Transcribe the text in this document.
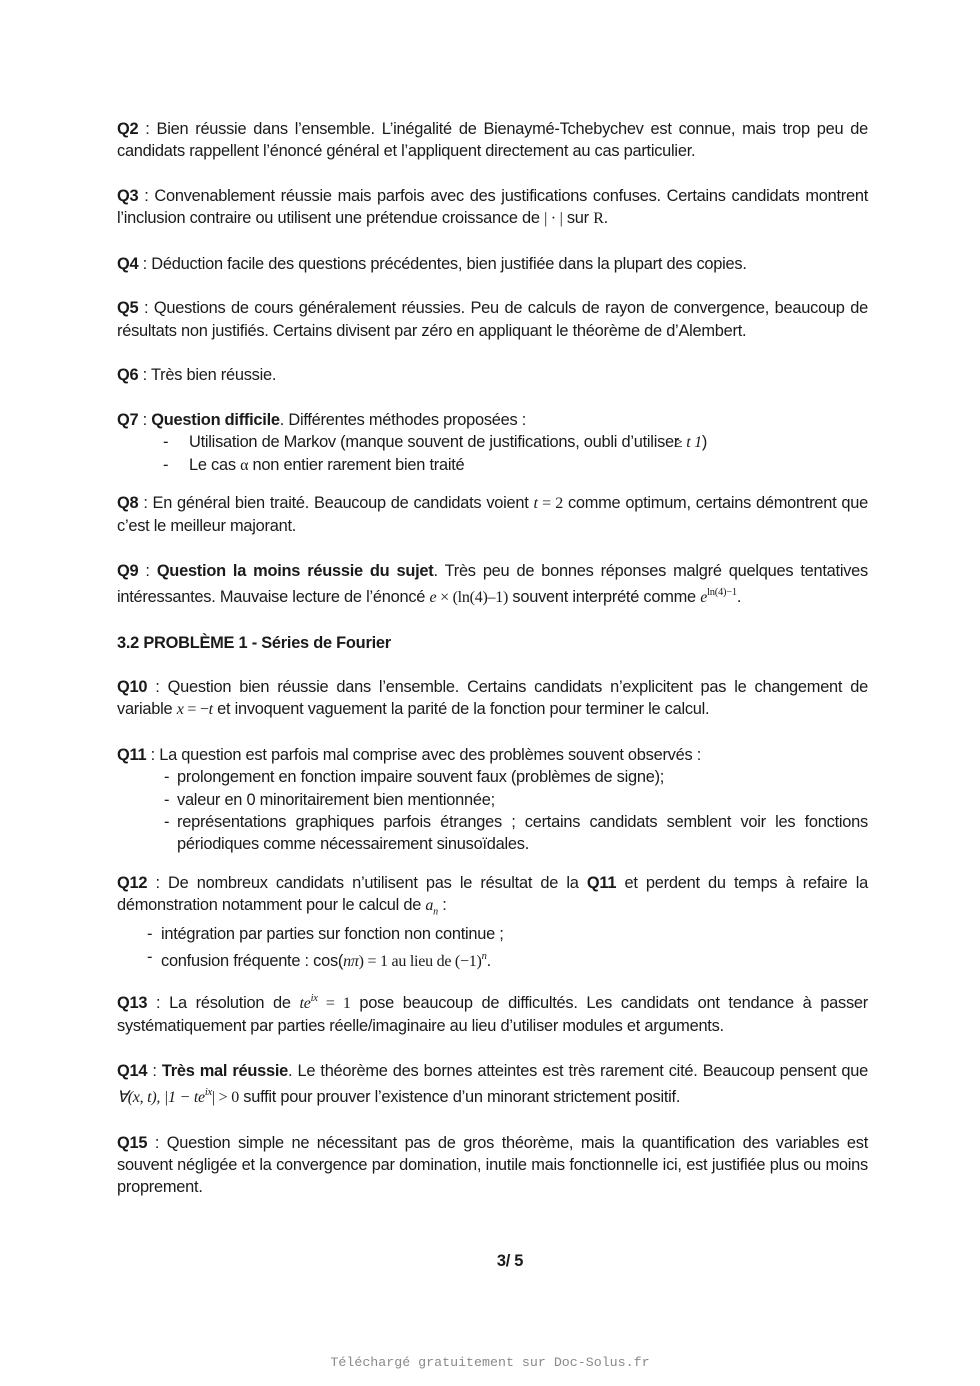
Q2 : Bien réussie dans l’ensemble. L’inégalité de Bienaymé-Tchebychev est connue, mais trop peu de candidats rappellent l’énoncé général et l’appliquent directement au cas particulier.

Q3 : Convenablement réussie mais parfois avec des justifications confuses. Certains candidats montrent l’inclusion contraire ou utilisent une prétendue croissance de | · | sur R.

Q4 : Déduction facile des questions précédentes, bien justifiée dans la plupart des copies.

Q5 : Questions de cours généralement réussies. Peu de calculs de rayon de convergence, beaucoup de résultats non justifiés. Certains divisent par zéro en appliquant le théorème de d’Alembert.

Q6 : Très bien réussie.

Q7 : Question difficile. Différentes méthodes proposées :
- Utilisation de Markov (manque souvent de justifications, oubli d’utilise≥ t 1)
- Le cas α non entier rarement bien traité

Q8 : En général bien traité. Beaucoup de candidats voient t = 2 comme optimum, certains démontrent que c’est le meilleur majorant.

Q9 : Question la moins réussie du sujet. Très peu de bonnes réponses malgré quelques tentatives intéressantes. Mauvaise lecture de l’énoncé e × (ln(4)–1) souvent interprété comme $e^{ln(4)-1}$.

3.2 PROBLÈME 1 - Séries de Fourier

Q10 : Question bien réussie dans l’ensemble. Certains candidats n’explicitent pas le changement de variable x = −t et invoquent vaguement la parité de la fonction pour terminer le calcul.

Q11 : La question est parfois mal comprise avec des problèmes souvent observés :
- prolongement en fonction impaire souvent faux (problèmes de signe);
- valeur en 0 minoritairement bien mentionnée;
- représentations graphiques parfois étranges ; certains candidats semblent voir les fonctions périodiques comme nécessairement sinusoïdales.
Q12 : De nombreux candidats n’utilisent pas le résultat de la Q11 et perdent du temps à refaire la démonstration notamment pour le calcul de $a_n$ :
- intégration par parties sur fonction non continue ;
- confusion fréquente : cos(nπ) = 1 au lieu de $(-1)^n$.

Q13 : La résolution de $te^{ix} = 1$ pose beaucoup de difficultés. Les candidats ont tendance à passer systématiquement par parties réelle/imaginaire au lieu d’utiliser modules et arguments.

Q14 : Très mal réussie. Le théorème des bornes atteintes est très rarement cité. Beaucoup pensent que ∀(x, t), $|1 - te^{ix}| > 0$ suffit pour prouver l’existence d’un minorant strictement positif.

Q15 : Question simple ne nécessitant pas de gros théorème, mais la quantification des variables est souvent négligée et la convergence par domination, inutile mais fonctionnelle ici, est justifiée plus ou moins proprement.

3/ 5
Téléchargé gratuitement sur Doc-Solus.fr
